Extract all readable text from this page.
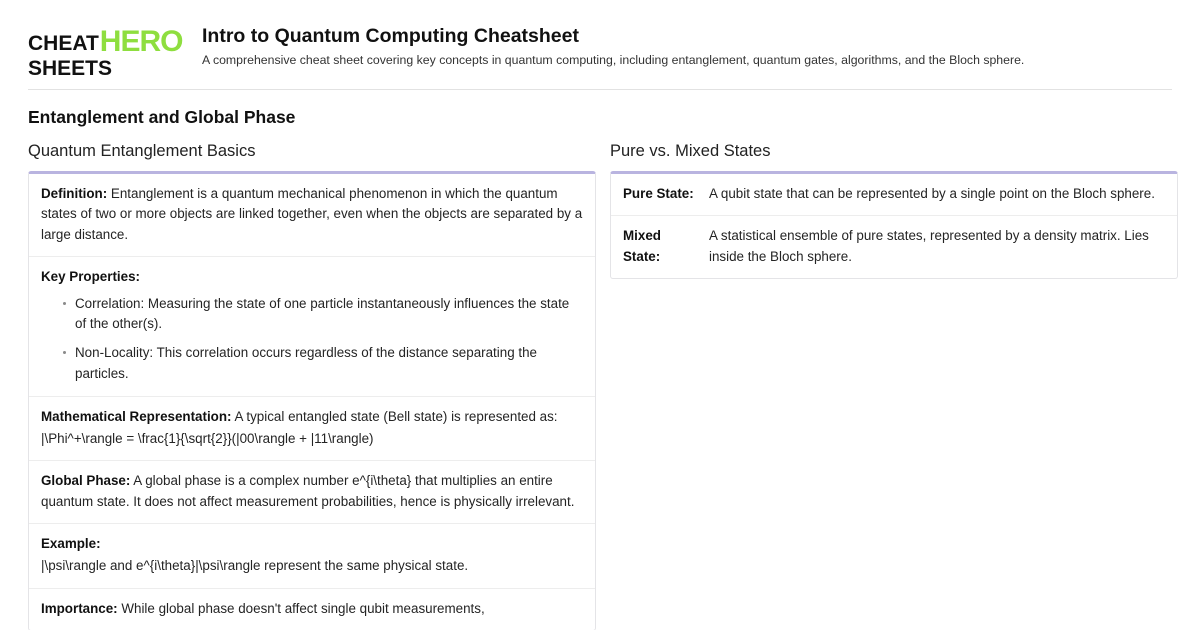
CHEAT HERO
SHEETS
Intro to Quantum Computing Cheatsheet
A comprehensive cheat sheet covering key concepts in quantum computing, including entanglement, quantum gates, algorithms, and the Bloch sphere.
Entanglement and Global Phase
Quantum Entanglement Basics
Definition: Entanglement is a quantum mechanical phenomenon in which the quantum states of two or more objects are linked together, even when the objects are separated by a large distance.
Key Properties:
Correlation: Measuring the state of one particle instantaneously influences the state of the other(s).
Non-Locality: This correlation occurs regardless of the distance separating the particles.
Mathematical Representation: A typical entangled state (Bell state) is represented as:
|\Phi^+\rangle = \frac{1}{\sqrt{2}}(|00\rangle + |11\rangle)
Global Phase: A global phase is a complex number e^{i\theta} that multiplies an entire quantum state. It does not affect measurement probabilities, hence is physically irrelevant.
Example:
|\psi\rangle and e^{i\theta}|\psi\rangle represent the same physical state.
Importance: While global phase doesn't affect single qubit measurements,
Pure vs. Mixed States
Pure State:	A qubit state that can be represented by a single point on the Bloch sphere.
Mixed State:
A statistical ensemble of pure states, represented by a density matrix. Lies inside the Bloch sphere.
